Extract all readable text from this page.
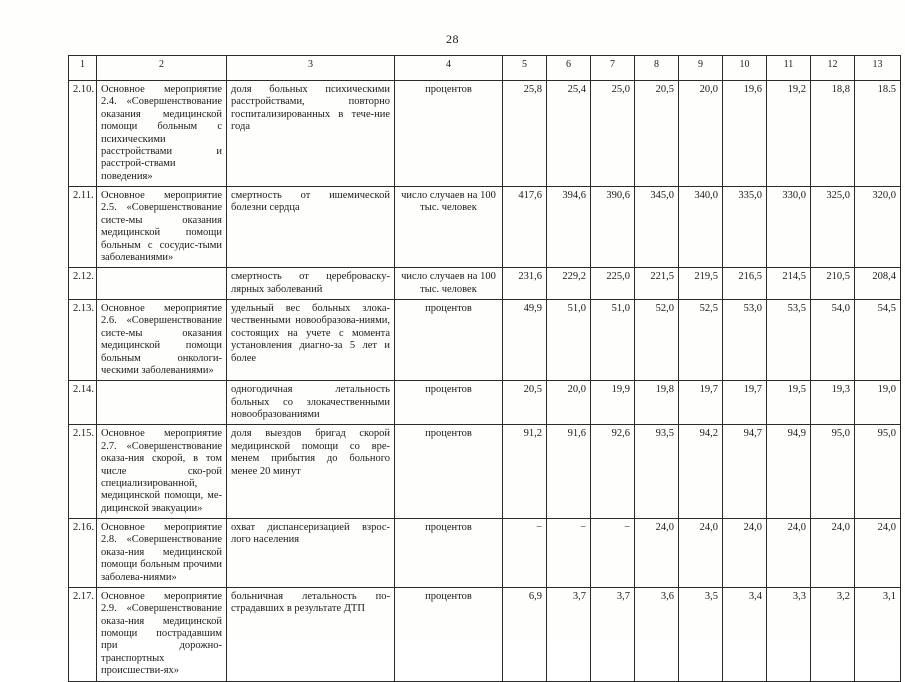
28
1	2	3	4	5	6	7	8	9	10	11	12	13
2.10.	Основное мероприятие 2.4. «Совершенствование оказания медицинской помощи больным с психическими расстройствами и расстрой-ствами поведения»	доля больных психическими расстройствами, повторно госпитализированных в тече-ние года	процентов	25,8	25,4	25,0	20,5	20,0	19,6	19,2	18,8	18.5
2.11.	Основное мероприятие 2.5. «Совершенствование систе-мы оказания медицинской помощи больным с сосудис-тыми заболеваниями»	смертность от ишемической болезни сердца	число случаев на 100 тыс. человек	417,6	394,6	390,6	345,0	340,0	335,0	330,0	325,0	320,0
2.12.		смертность от цереброваску-лярных заболеваний	число случаев на 100 тыс. человек	231,6	229,2	225,0	221,5	219,5	216,5	214,5	210,5	208,4
2.13.	Основное мероприятие 2.6. «Совершенствование систе-мы оказания медицинской помощи больным онкологи-ческими заболеваниями»	удельный вес больных злока-чественными новообразова-ниями, состоящих на учете с момента установления диагно-за 5 лет и более	процентов	49,9	51,0	51,0	52,0	52,5	53,0	53,5	54,0	54,5
2.14.		одногодичная летальность больных со злокачественными новообразованиями	процентов	20,5	20,0	19,9	19,8	19,7	19,7	19,5	19,3	19,0
2.15.	Основное мероприятие 2.7. «Совершенствование оказа-ния скорой, в том числе ско-рой специализированной, медицинской помощи, ме-дицинской эвакуации»	доля выездов бригад скорой медицинской помощи со вре-менем прибытия до больного менее 20 минут	процентов	91,2	91,6	92,6	93,5	94,2	94,7	94,9	95,0	95,0
2.16.	Основное мероприятие 2.8. «Совершенствование оказа-ния медицинской помощи больным прочими заболева-ниями»	охват диспансеризацией взрос-лого населения	процентов	−	−	−	24,0	24,0	24,0	24,0	24,0	24,0
2.17.	Основное мероприятие 2.9. «Совершенствование оказа-ния медицинской помощи пострадавшим при дорожно-транспортных происшестви-ях»	больничная летальность по-страдавших в результате ДТП	процентов	6,9	3,7	3,7	3,6	3,5	3,4	3,3	3,2	3,1
